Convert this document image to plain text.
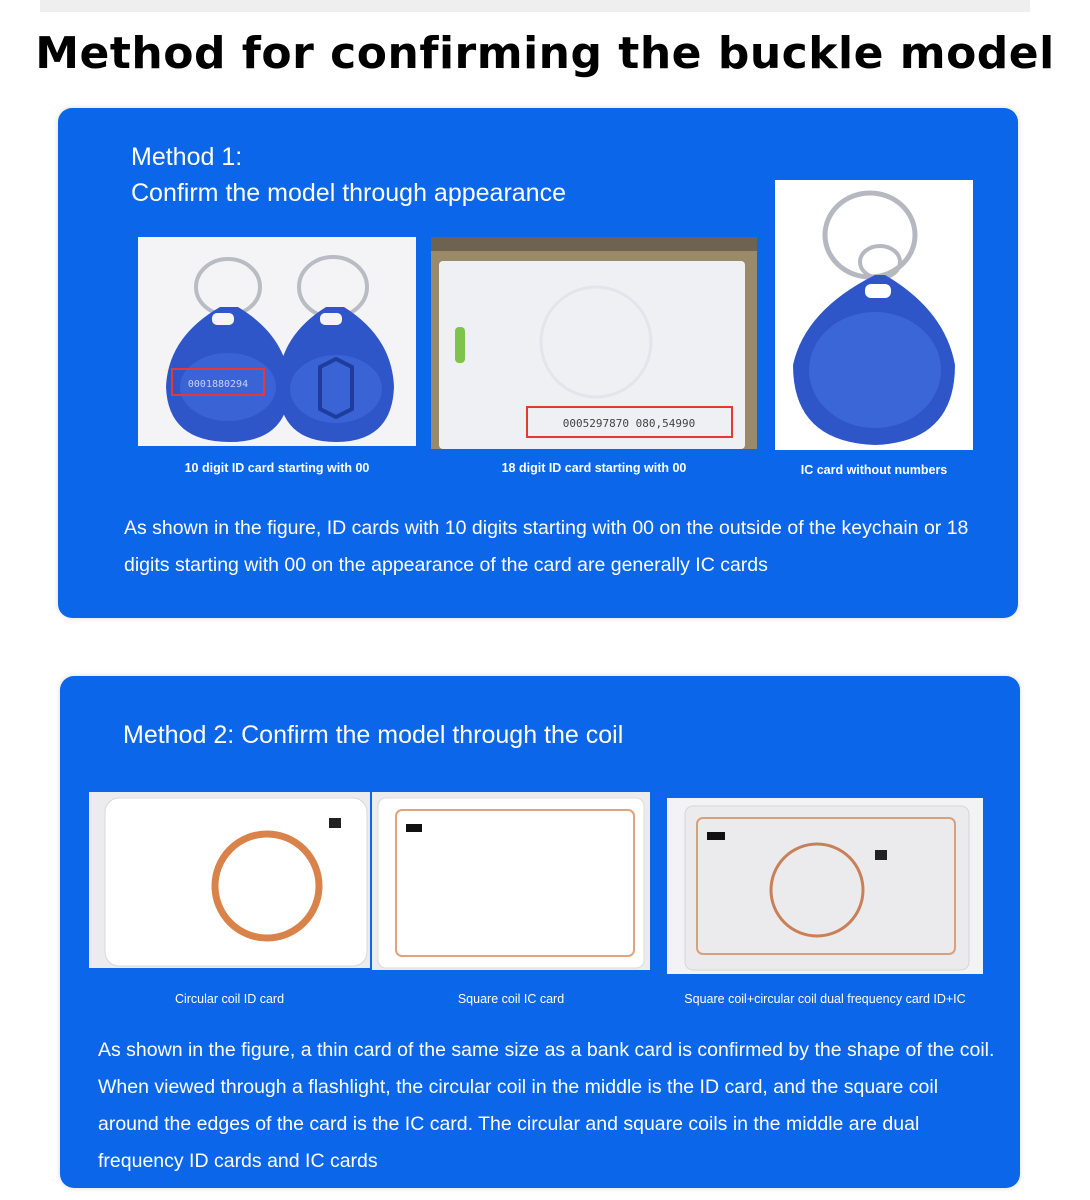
Method for confirming the buckle model
Method 1:
Confirm the model through appearance
0001880294
10 digit ID card starting with 00
0005297870 080,54990
18 digit ID card starting with 00	IC card without numbers
As shown in the figure, ID cards with 10 digits starting with 00 on the outside of the keychain or 18 digits starting with 00 on the appearance of the card are generally IC cards
Method 2: Confirm the model through the coil
Circular coil ID card	Square coil IC card	Square coil+circular coil dual frequency card ID+IC
As shown in the figure, a thin card of the same size as a bank card is confirmed by the shape of the coil. When viewed through a flashlight, the circular coil in the middle is the ID card, and the square coil around the edges of the card is the IC card. The circular and square coils in the middle are dual frequency ID cards and IC cards
